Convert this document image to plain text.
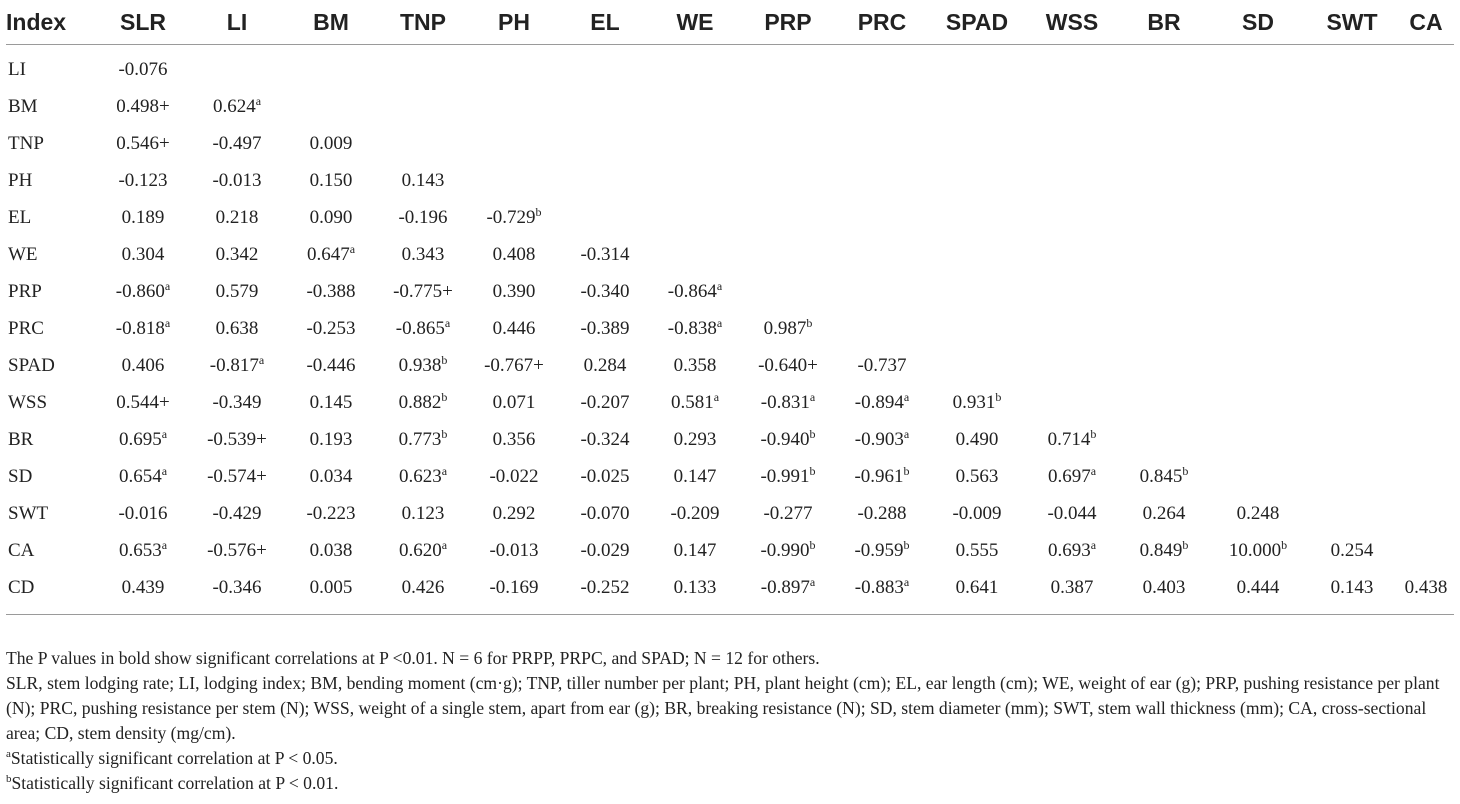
Index	SLR	LI	BM	TNP	PH	EL	WE	PRP	PRC	SPAD	WSS	BR	SD	SWT	CA
LI	-0.076														
BM	0.498+	0.624$^a$													
TNP	0.546+	-0.497	0.009												
PH	-0.123	-0.013	0.150	0.143											
EL	0.189	0.218	0.090	-0.196	-0.729$^b$										
WE	0.304	0.342	0.647$^a$	0.343	0.408	-0.314									
PRP	-0.860$^a$	0.579	-0.388	-0.775+	0.390	-0.340	-0.864$^a$								
PRC	-0.818$^a$	0.638	-0.253	-0.865$^a$	0.446	-0.389	-0.838$^a$	0.987$^b$							
SPAD	0.406	-0.817$^a$	-0.446	0.938$^b$	-0.767+	0.284	0.358	-0.640+	-0.737						
WSS	0.544+	-0.349	0.145	0.882$^b$	0.071	-0.207	0.581$^a$	-0.831$^a$	-0.894$^a$	0.931$^b$					
BR	0.695$^a$	-0.539+	0.193	0.773$^b$	0.356	-0.324	0.293	-0.940$^b$	-0.903$^a$	0.490	0.714$^b$				
SD	0.654$^a$	-0.574+	0.034	0.623$^a$	-0.022	-0.025	0.147	-0.991$^b$	-0.961$^b$	0.563	0.697$^a$	0.845$^b$			
SWT	-0.016	-0.429	-0.223	0.123	0.292	-0.070	-0.209	-0.277	-0.288	-0.009	-0.044	0.264	0.248		
CA	0.653$^a$	-0.576+	0.038	0.620$^a$	-0.013	-0.029	0.147	-0.990$^b$	-0.959$^b$	0.555	0.693$^a$	0.849$^b$	10.000$^b$	0.254	
CD	0.439	-0.346	0.005	0.426	-0.169	-0.252	0.133	-0.897$^a$	-0.883$^a$	0.641	0.387	0.403	0.444	0.143	0.438

The P values in bold show significant correlations at P <0.01. N = 6 for PRPP, PRPC, and SPAD; N = 12 for others.

SLR, stem lodging rate; LI, lodging index; BM, bending moment (cm·g); TNP, tiller number per plant; PH, plant height (cm); EL, ear length (cm); WE, weight of ear (g); PRP, pushing resistance per plant (N); PRC, pushing resistance per stem (N); WSS, weight of a single stem, apart from ear (g); BR, breaking resistance (N); SD, stem diameter (mm); SWT, stem wall thickness (mm); CA, cross-sectional area; CD, stem density (mg/cm).

$^a$Statistically significant correlation at P < 0.05.

$^b$Statistically significant correlation at P < 0.01.
